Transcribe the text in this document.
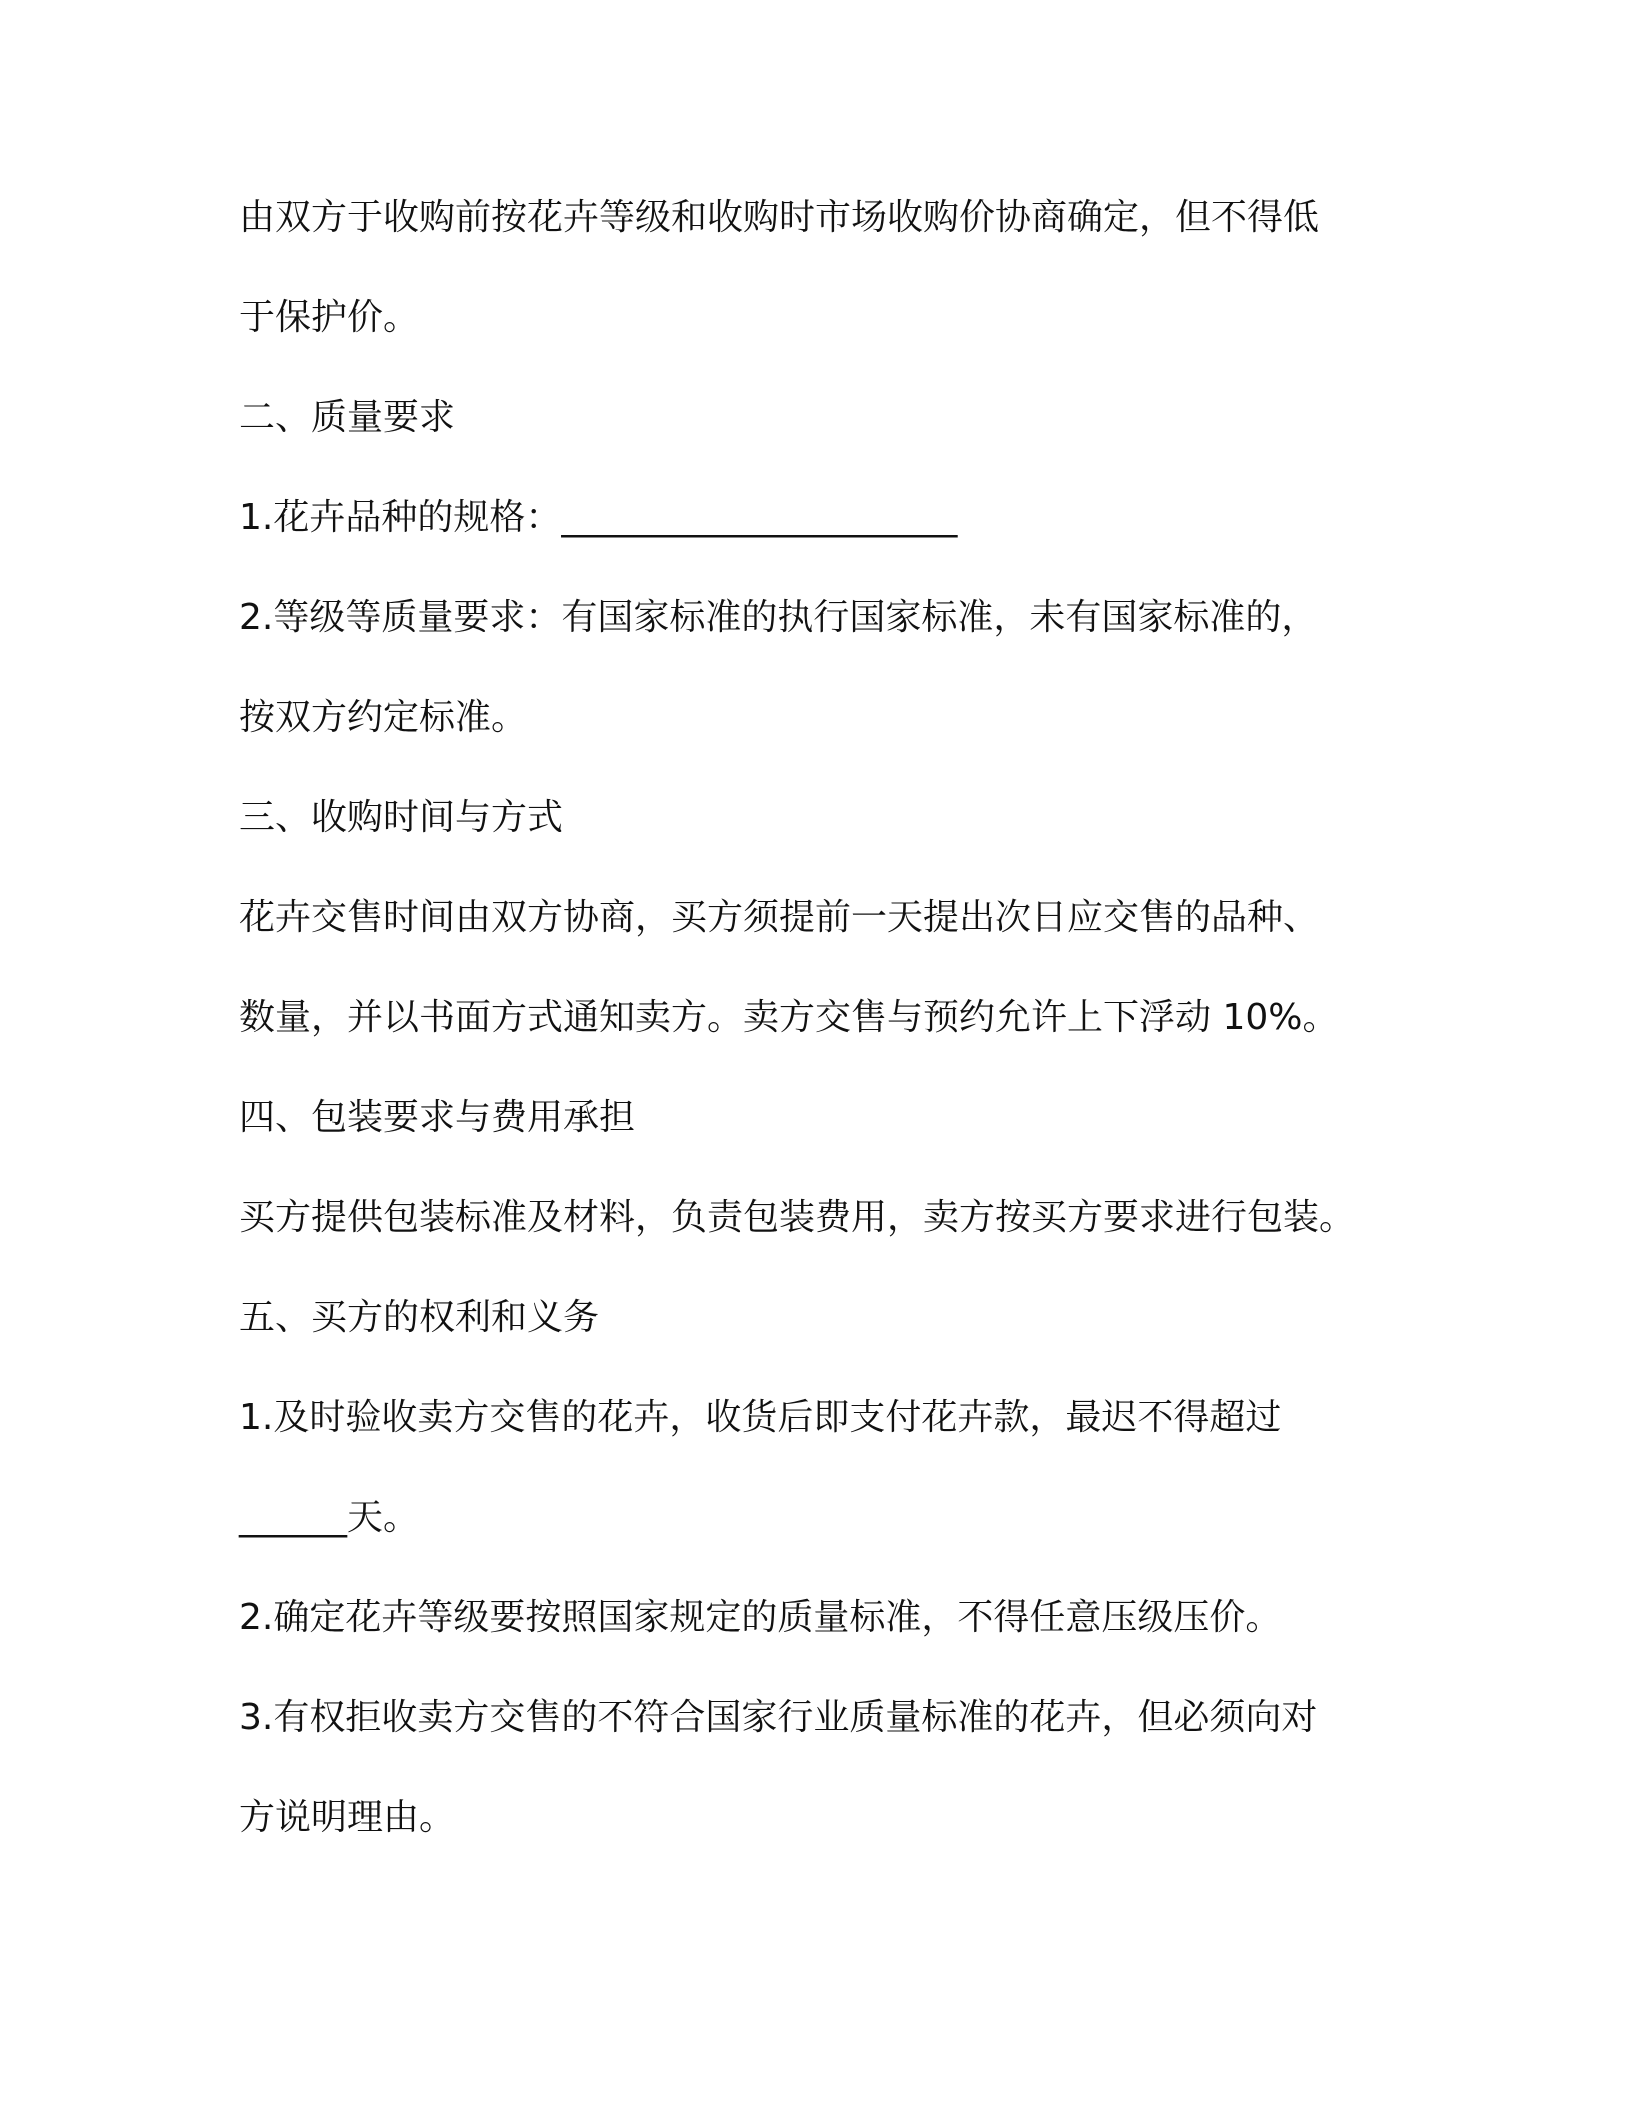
由双方于收购前按花卉等级和收购时市场收购价协商确定，但不得低
于保护价。
二、质量要求
1.花卉品种的规格：______________________
2.等级等质量要求：有国家标准的执行国家标准，未有国家标准的，
按双方约定标准。
三、收购时间与方式
花卉交售时间由双方协商，买方须提前一天提出次日应交售的品种、
数量，并以书面方式通知卖方。卖方交售与预约允许上下浮动 10%。
四、包装要求与费用承担
买方提供包装标准及材料，负责包装费用，卖方按买方要求进行包装。
五、买方的权利和义务
1.及时验收卖方交售的花卉，收货后即支付花卉款，最迟不得超过
______天。
2.确定花卉等级要按照国家规定的质量标准，不得任意压级压价。
3.有权拒收卖方交售的不符合国家行业质量标准的花卉，但必须向对
方说明理由。
